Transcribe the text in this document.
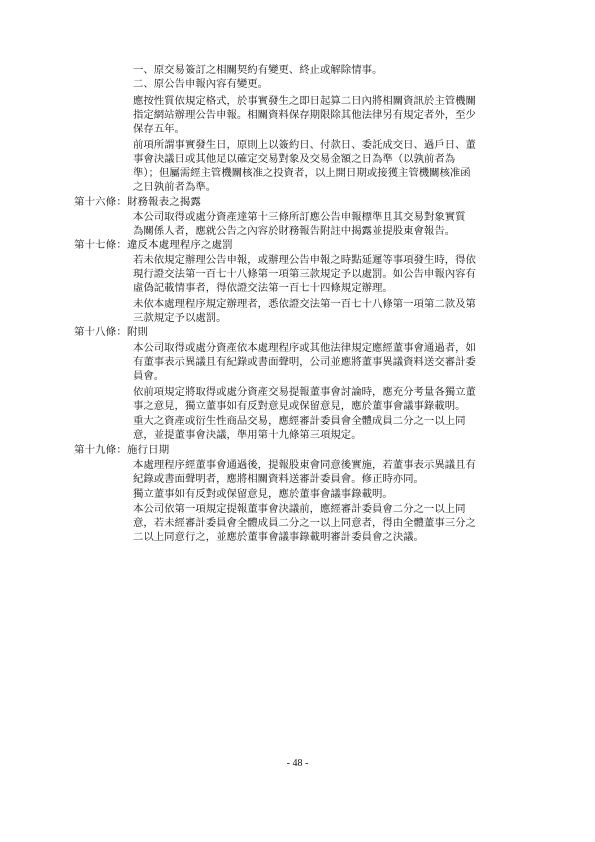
一、原交易簽訂之相關契約有變更、終止或解除情事。
二、原公告申報內容有變更。
應按性質依規定格式，於事實發生之即日起算二日內將相關資訊於主管機關
指定網站辦理公告申報。相關資料保存期限除其他法律另有規定者外，至少
保存五年。
前項所謂事實發生日，原則上以簽約日、付款日、委託成交日、過戶日、董
事會決議日或其他足以確定交易對象及交易金額之日為準（以孰前者為
準）；但屬需經主管機關核准之投資者，以上開日期或接獲主管機關核准函
之日孰前者為準。
第十六條：財務報表之揭露
本公司取得或處分資產達第十三條所訂應公告申報標準且其交易對象實質
為關係人者，應就公告之內容於財務報告附註中揭露並提股東會報告。
第十七條：違反本處理程序之處罰
若未依規定辦理公告申報，或辦理公告申報之時點延遲等事項發生時，得依
現行證交法第一百七十八條第一項第三款規定予以處罰。如公告申報內容有
虛偽記載情事者，得依證交法第一百七十四條規定辦理。
未依本處理程序規定辦理者，悉依證交法第一百七十八條第一項第二款及第
三款規定予以處罰。
第十八條：附則
本公司取得或處分資產依本處理程序或其他法律規定應經董事會通過者，如
有董事表示異議且有紀錄或書面聲明，公司並應將董事異議資料送交審計委
員會。
依前項規定將取得或處分資產交易提報董事會討論時，應充分考量各獨立董
事之意見，獨立董事如有反對意見或保留意見，應於董事會議事錄載明。
重大之資產或衍生性商品交易，應經審計委員會全體成員二分之一以上同
意，並提董事會決議，準用第十九條第三項規定。
第十九條：施行日期
本處理程序經董事會通過後，提報股東會同意後實施，若董事表示異議且有
紀錄或書面聲明者，應將相關資料送審計委員會。修正時亦同。
獨立董事如有反對或保留意見，應於董事會議事錄載明。
本公司依第一項規定提報董事會決議前，應經審計委員會二分之一以上同
意，若未經審計委員會全體成員二分之一以上同意者，得由全體董事三分之
二以上同意行之，並應於董事會議事錄載明審計委員會之決議。
- 48 -
